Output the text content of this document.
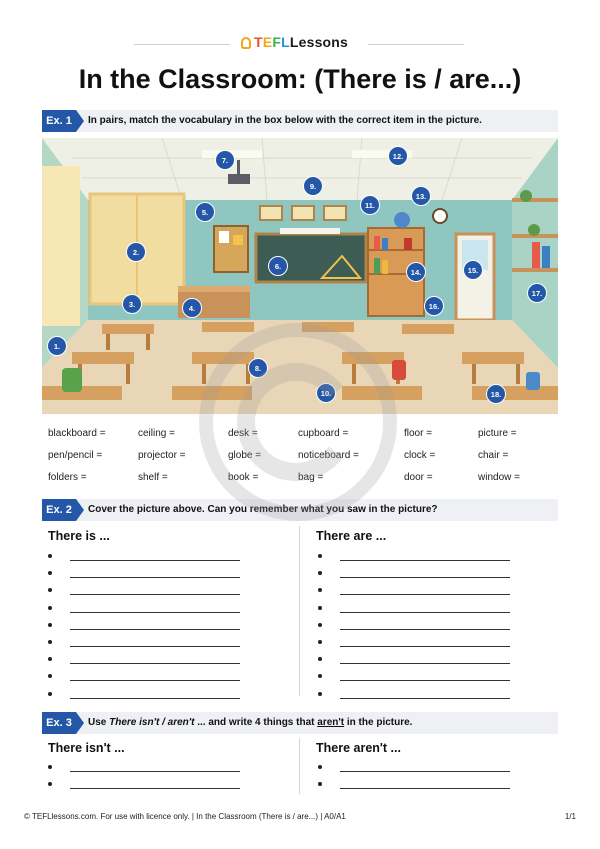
TEFLLessons
In the Classroom: (There is / are...)
Ex. 1	In pairs, match the vocabulary in the box below with the correct item in the picture.
1.
2.
3.	4.
5.
6.
7.
8.
9.
10.
11.
12.
13.
14.	15.
16.
17.
18.
blackboard =	ceiling =	desk =	cupboard =	floor =	picture =
pen/pencil =	projector =	globe =	noticeboard =	clock =	chair =
folders =	shelf =	book =	bag =	door =	window =
Ex. 2	Cover the picture above. Can you remember what you saw in the picture?
There is ...	There are ...
Ex. 3	Use There isn't / aren't ... and write 4 things that aren't in the picture.
There isn't ...	There aren't ...
© TEFLlessons.com. For use with licence only. | In the Classroom (There is / are...) | A0/A1	1/1
